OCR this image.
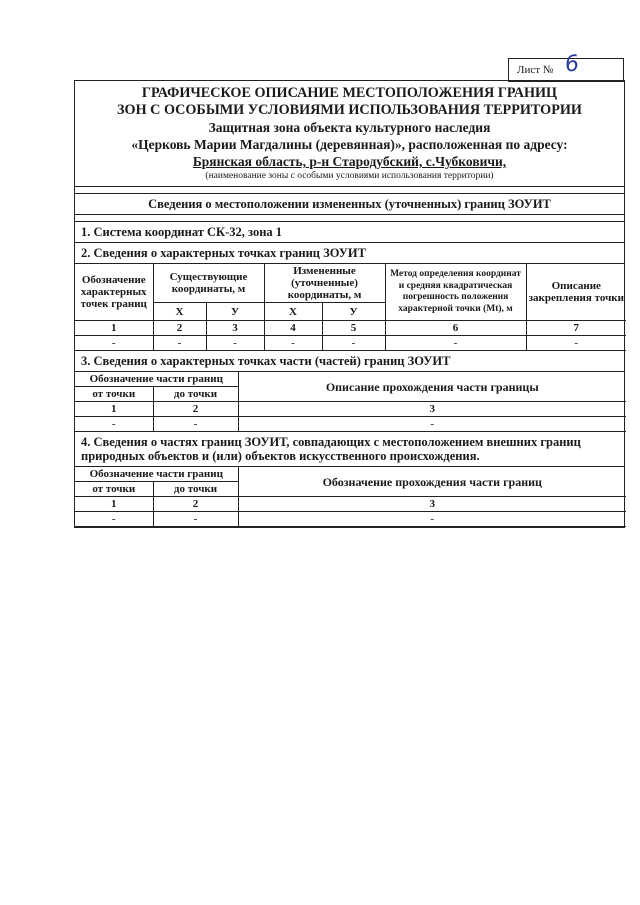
Лист № 6
ГРАФИЧЕСКОЕ ОПИСАНИЕ МЕСТОПОЛОЖЕНИЯ ГРАНИЦ
ЗОН С ОСОБЫМИ УСЛОВИЯМИ ИСПОЛЬЗОВАНИЯ ТЕРРИТОРИИ
Защитная зона объекта культурного наследия
«Церковь Марии Магдалины (деревянная)», расположенная по адресу:
Брянская область, р-н Стародубский, с.Чубковичи,
(наименование зоны с особыми условиями использования территории)
Сведения о местоположении измененных (уточненных) границ ЗОУИТ
1. Система координат СК-32, зона 1
2. Сведения о характерных точках границ ЗОУИТ
Обозначение характерных точек границ	Существующие координаты, м		Измененные (уточненные) координаты, м		Метод определения координат и средняя квадратическая погрешность положения характерной точки (Mt), м	Описание закрепления точки
	X	У	X	У		
1	2	3	4	5	6	7
-	-	-	-	-	-	-
3. Сведения о характерных точках части (частей) границ ЗОУИТ
Обозначение части границ		Описание прохождения части границы
от точки	до точки	
1	2	3
-	-	-
4. Сведения о частях границ ЗОУИТ, совпадающих с местоположением внешних границ природных объектов и (или) объектов искусственного происхождения.
Обозначение части границ		Обозначение прохождения части границ
от точки	до точки	
1	2	3
-	-	-
